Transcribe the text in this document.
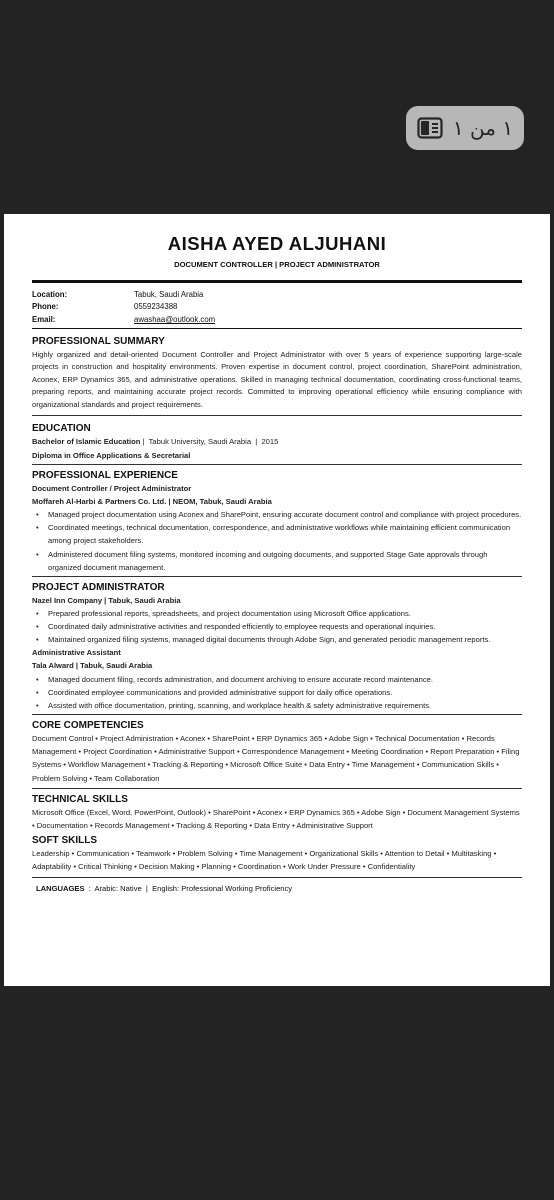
١ من ١
AISHA AYED ALJUHANI
DOCUMENT CONTROLLER | PROJECT ADMINISTRATOR
Location:	Tabuk, Saudi Arabia
Phone:	0559234388
Email:	awashaa@outlook.com
PROFESSIONAL SUMMARY
Highly organized and detail-oriented Document Controller and Project Administrator with over 5 years of experience supporting large-scale projects in construction and hospitality environments. Proven expertise in document control, project coordination, SharePoint administration, Aconex, ERP Dynamics 365, and administrative operations. Skilled in managing technical documentation, coordinating cross-functional teams, preparing reports, and maintaining accurate project records. Committed to improving operational efficiency while ensuring compliance with organizational standards and project requirements.
EDUCATION
Bachelor of Islamic Education |  Tabuk University, Saudi Arabia  |  2015
Diploma in Office Applications & Secretarial
PROFESSIONAL EXPERIENCE
Document Controller / Project Administrator
Moffareh Al-Harbi & Partners Co. Ltd. | NEOM, Tabuk, Saudi Arabia
• Managed project documentation using Aconex and SharePoint, ensuring accurate document control and compliance with project procedures.
• Coordinated meetings, technical documentation, correspondence, and administrative workflows while maintaining efficient communication among project stakeholders.
• Administered document filing systems, monitored incoming and outgoing documents, and supported Stage Gate approvals through organized document management.
PROJECT ADMINISTRATOR
Nazel Inn Company | Tabuk, Saudi Arabia
• Prepared professional reports, spreadsheets, and project documentation using Microsoft Office applications.
• Coordinated daily administrative activities and responded efficiently to employee requests and operational inquiries.
• Maintained organized filing systems, managed digital documents through Adobe Sign, and generated periodic management reports.
Administrative Assistant
Tala Alward | Tabuk, Saudi Arabia
• Managed document filing, records administration, and document archiving to ensure accurate record maintenance.
• Coordinated employee communications and provided administrative support for daily office operations.
• Assisted with office documentation, printing, scanning, and workplace health & safety administrative requirements.
CORE COMPETENCIES
Document Control • Project Administration • Aconex • SharePoint • ERP Dynamics 365 • Adobe Sign • Technical Documentation • Records Management • Project Coordination • Administrative Support • Correspondence Management • Meeting Coordination • Report Preparation • Filing Systems • Workflow Management • Tracking & Reporting • Microsoft Office Suite • Data Entry • Time Management • Communication Skills • Problem Solving • Team Collaboration
TECHNICAL SKILLS
Microsoft Office (Excel, Word, PowerPoint, Outlook) • SharePoint • Aconex • ERP Dynamics 365 • Adobe Sign • Document Management Systems • Documentation • Records Management • Tracking & Reporting • Data Entry • Administrative Support
SOFT SKILLS
Leadership • Communication • Teamwork • Problem Solving • Time Management • Organizational Skills • Attention to Detail • Multitasking • Adaptability • Critical Thinking • Decision Making • Planning • Coordination • Work Under Pressure • Confidentiality
LANGUAGES :  Arabic: Native  |  English: Professional Working Proficiency
